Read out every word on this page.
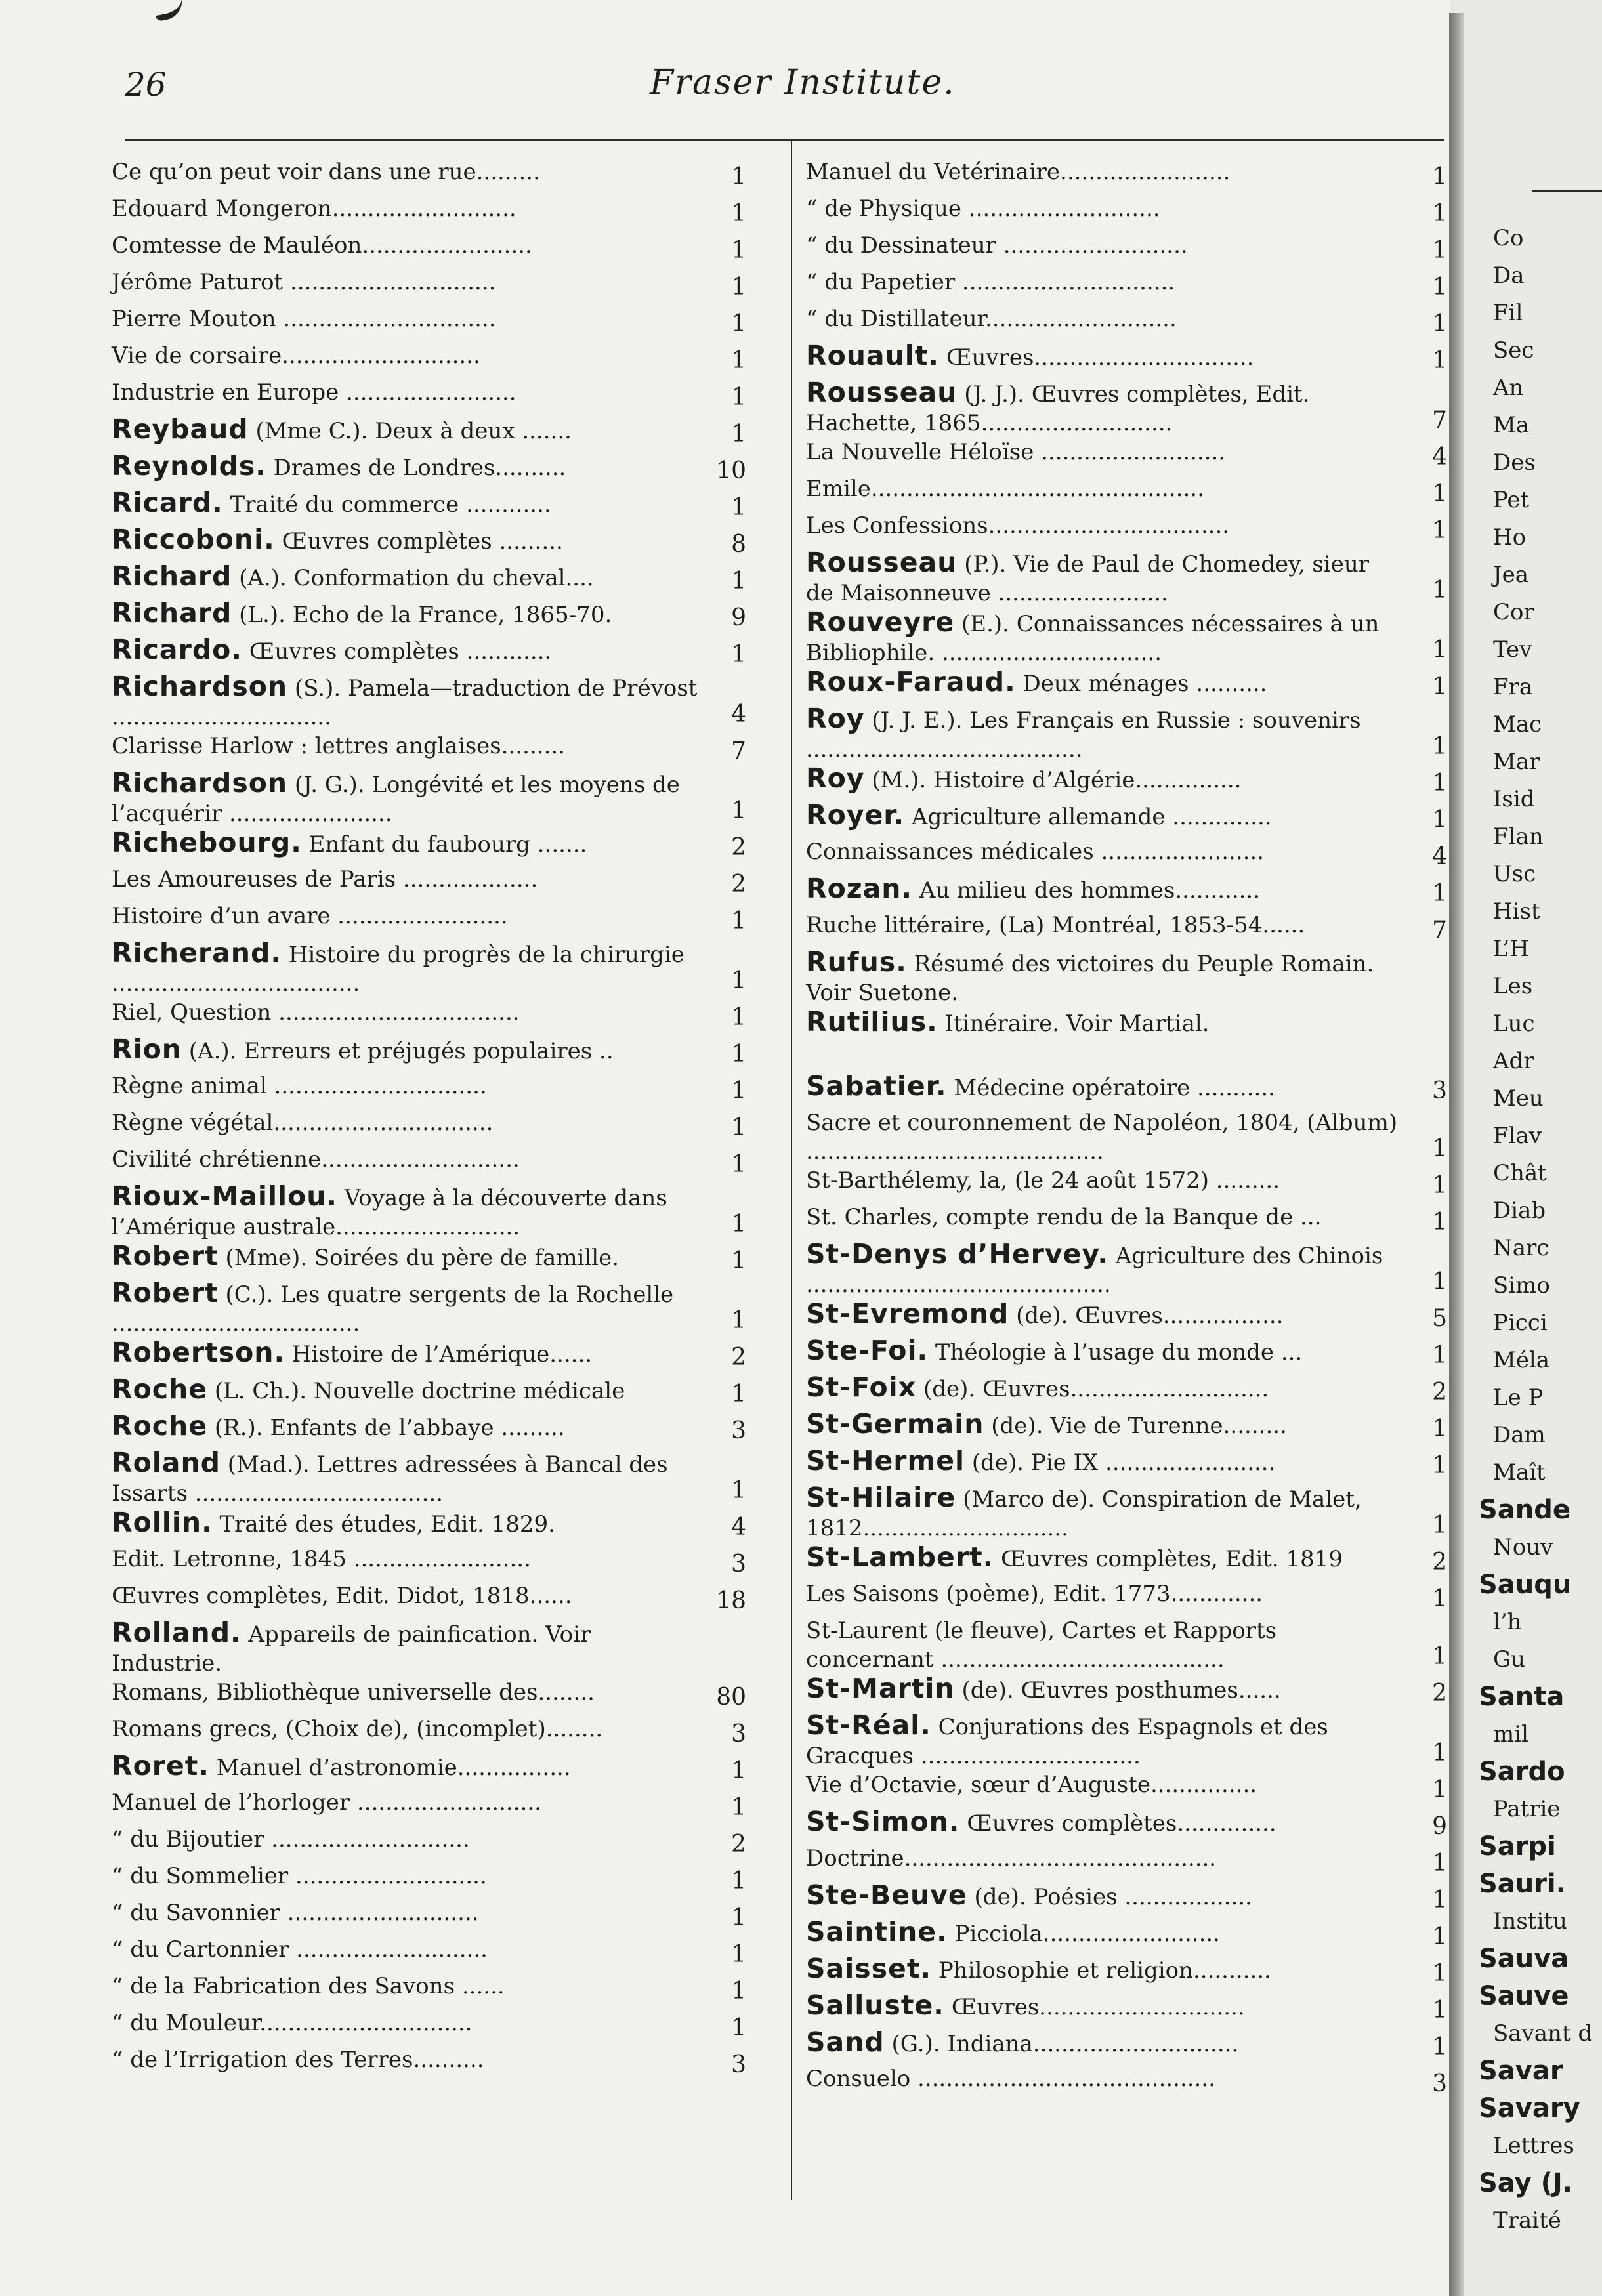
26	Fraser Institute.
Ce qu’on peut voir dans une rue.........	1
Edouard Mongeron..........................	1
Comtesse de Mauléon........................	1
Jérôme Paturot .............................	1
Pierre Mouton ..............................	1
Vie de corsaire............................	1
Industrie en Europe ........................	1
Reybaud (Mme C.). Deux à deux .......	1
Reynolds. Drames de Londres..........	10
Ricard. Traité du commerce ............	1
Riccoboni. Œuvres complètes .........	8
Richard (A.). Conformation du cheval....	1
Richard (L.). Echo de la France, 1865-70.	9
Ricardo. Œuvres complètes ............	1
Richardson (S.). Pamela—traduction de Prévost ...............................	4
Clarisse Harlow : lettres anglaises.........	7
Richardson (J. G.). Longévité et les moyens de l’acquérir .......................	1
Richebourg. Enfant du faubourg .......	2
Les Amoureuses de Paris ...................	2
Histoire d’un avare ........................	1
Richerand. Histoire du progrès de la chirurgie ...................................	1
Riel, Question ..................................	1
Rion (A.). Erreurs et préjugés populaires ..	1
Règne animal ..............................	1
Règne végétal...............................	1
Civilité chrétienne............................	1
Rioux-Maillou. Voyage à la découverte dans l’Amérique australe..........................	1
Robert (Mme). Soirées du père de famille.	1
Robert (C.). Les quatre sergents de la Rochelle ...................................	1
Robertson. Histoire de l’Amérique......	2
Roche (L. Ch.). Nouvelle doctrine médicale	1
Roche (R.). Enfants de l’abbaye .........	3
Roland (Mad.). Lettres adressées à Bancal des Issarts ...................................	1
Rollin. Traité des études, Edit. 1829.	4
Edit. Letronne, 1845 .........................	3
Œuvres complètes, Edit. Didot, 1818......	18
Rolland. Appareils de painfication. Voir Industrie.
Romans, Bibliothèque universelle des........	80
Romans grecs, (Choix de), (incomplet)........	3
Roret. Manuel d’astronomie................	1
Manuel de l’horloger ..........................	1
“ du Bijoutier ............................	2
“ du Sommelier ...........................	1
“ du Savonnier ...........................	1
“ du Cartonnier ...........................	1
“ de la Fabrication des Savons ......	1
“ du Mouleur..............................	1
“ de l’Irrigation des Terres..........	3
Manuel du Vetérinaire........................	1
“ de Physique ...........................	1
“ du Dessinateur ..........................	1
“ du Papetier ..............................	1
“ du Distillateur...........................	1
Rouault. Œuvres...............................	1
Rousseau (J. J.). Œuvres complètes, Edit. Hachette, 1865...........................	7
La Nouvelle Héloïse ..........................	4
Emile...............................................	1
Les Confessions..................................	1
Rousseau (P.). Vie de Paul de Chomedey, sieur de Maisonneuve ........................	1
Rouveyre (E.). Connaissances nécessaires à un Bibliophile. ...............................	1
Roux-Faraud. Deux ménages ..........	1
Roy (J. J. E.). Les Français en Russie : souvenirs .......................................	1
Roy (M.). Histoire d’Algérie...............	1
Royer. Agriculture allemande ..............	1
Connaissances médicales .......................	4
Rozan. Au milieu des hommes............	1
Ruche littéraire, (La) Montréal, 1853-54......	7
Rufus. Résumé des victoires du Peuple Romain. Voir Suetone.
Rutilius. Itinéraire. Voir Martial.
Sabatier. Médecine opératoire ...........	3
Sacre et couronnement de Napoléon, 1804, (Album) ..........................................	1
St-Barthélemy, la, (le 24 août 1572) .........	1
St. Charles, compte rendu de la Banque de ...	1
St-Denys d’Hervey. Agriculture des Chinois ...........................................	1
St-Evremond (de). Œuvres.................	5
Ste-Foi. Théologie à l’usage du monde ...	1
St-Foix (de). Œuvres............................	2
St-Germain (de). Vie de Turenne.........	1
St-Hermel (de). Pie IX ........................	1
St-Hilaire (Marco de). Conspiration de Malet, 1812.............................	1
St-Lambert. Œuvres complètes, Edit. 1819	2
Les Saisons (poème), Edit. 1773.............	1
St-Laurent (le fleuve), Cartes et Rapports concernant ........................................	1
St-Martin (de). Œuvres posthumes......	2
St-Réal. Conjurations des Espagnols et des Gracques ...............................	1
Vie d’Octavie, sœur d’Auguste...............	1
St-Simon. Œuvres complètes..............	9
Doctrine............................................	1
Ste-Beuve (de). Poésies ..................	1
Saintine. Picciola.........................	1
Saisset. Philosophie et religion...........	1
Salluste. Œuvres.............................	1
Sand (G.). Indiana.............................	1
Consuelo ..........................................	3
Co
Da
Fil
Sec
An
Ma
Des
Pet
Ho
Jea
Cor
Tev
Fra
Mac
Mar
Isid
Flan
Usc
Hist
L’H
Les
Luc
Adr
Meu
Flav
Chât
Diab
Narc
Simo
Picci
Méla
Le P
Dam
Maît
Sande
Nouv
Sauqu
l’h
Gu
Santa
mil
Sardo
Patrie
Sarpi
Sauri.
Institu
Sauva
Sauve
Savant d
Savar
Savary
Lettres
Say (J.
Traité
